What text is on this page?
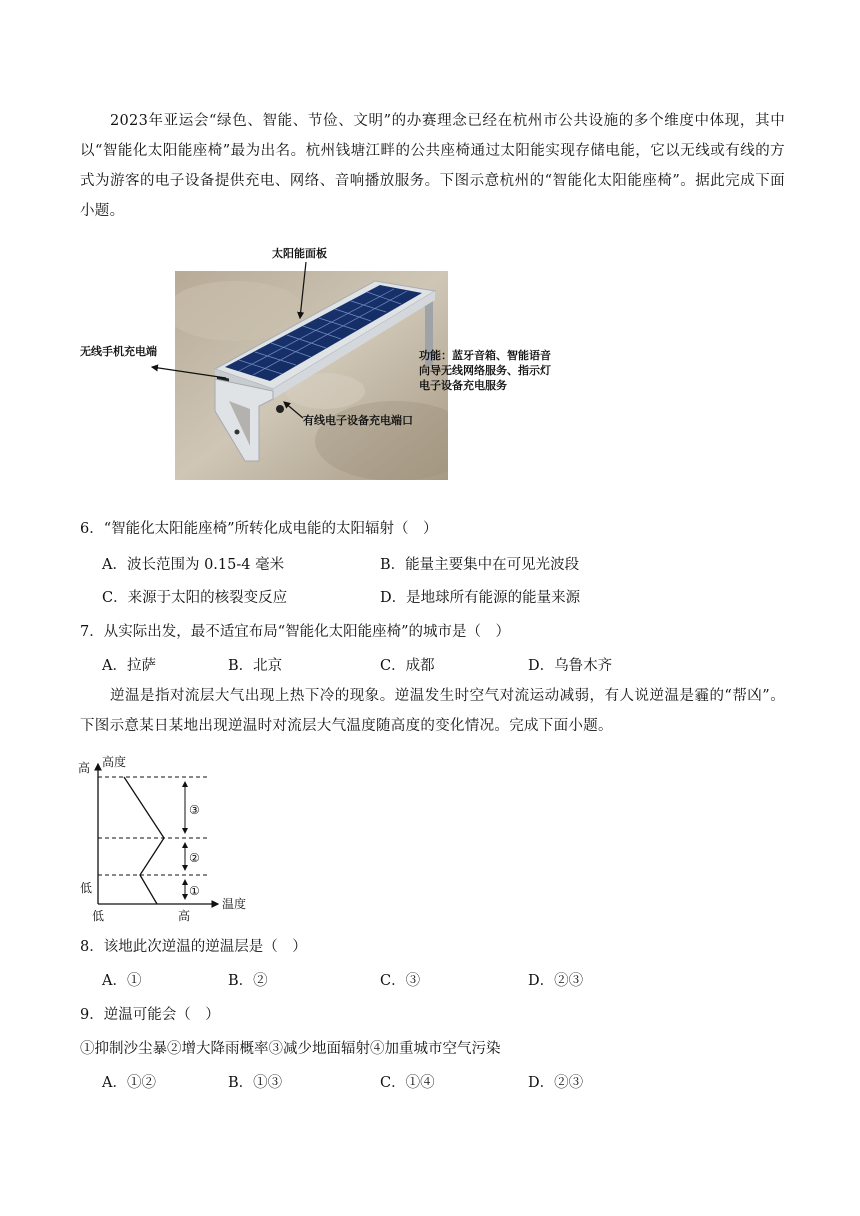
2023年亚运会“绿色、智能、节俭、文明”的办赛理念已经在杭州市公共设施的多个维度中体现，其中以“智能化太阳能座椅”最为出名。杭州钱塘江畔的公共座椅通过太阳能实现存储电能，它以无线或有线的方式为游客的电子设备提供充电、网络、音响播放服务。下图示意杭州的“智能化太阳能座椅”。据此完成下面小题。

太阳能面板
无线手机充电端	功能：蓝牙音箱、智能语音
向导无线网络服务、指示灯
电子设备充电服务
有线电子设备充电端口

6．“智能化太阳能座椅”所转化成电能的太阳辐射（　）

A．波长范围为 0.15-4 毫米	B．能量主要集中在可见光波段

C．来源于太阳的核裂变反应	D．是地球所有能源的能量来源

7．从实际出发，最不适宜布局“智能化太阳能座椅”的城市是（　）

A．拉萨	B．北京	C．成都	D．乌鲁木齐

逆温是指对流层大气出现上热下冷的现象。逆温发生时空气对流运动减弱，有人说逆温是霾的“帮凶”。下图示意某日某地出现逆温时对流层大气温度随高度的变化情况。完成下面小题。

高 高度
低
低	高
温度
①
②
③

8．该地此次逆温的逆温层是（　）

A．①	B．②	C．③	D．②③

9．逆温可能会（　）

①抑制沙尘暴②增大降雨概率③减少地面辐射④加重城市空气污染

A．①②	B．①③	C．①④	D．②③
